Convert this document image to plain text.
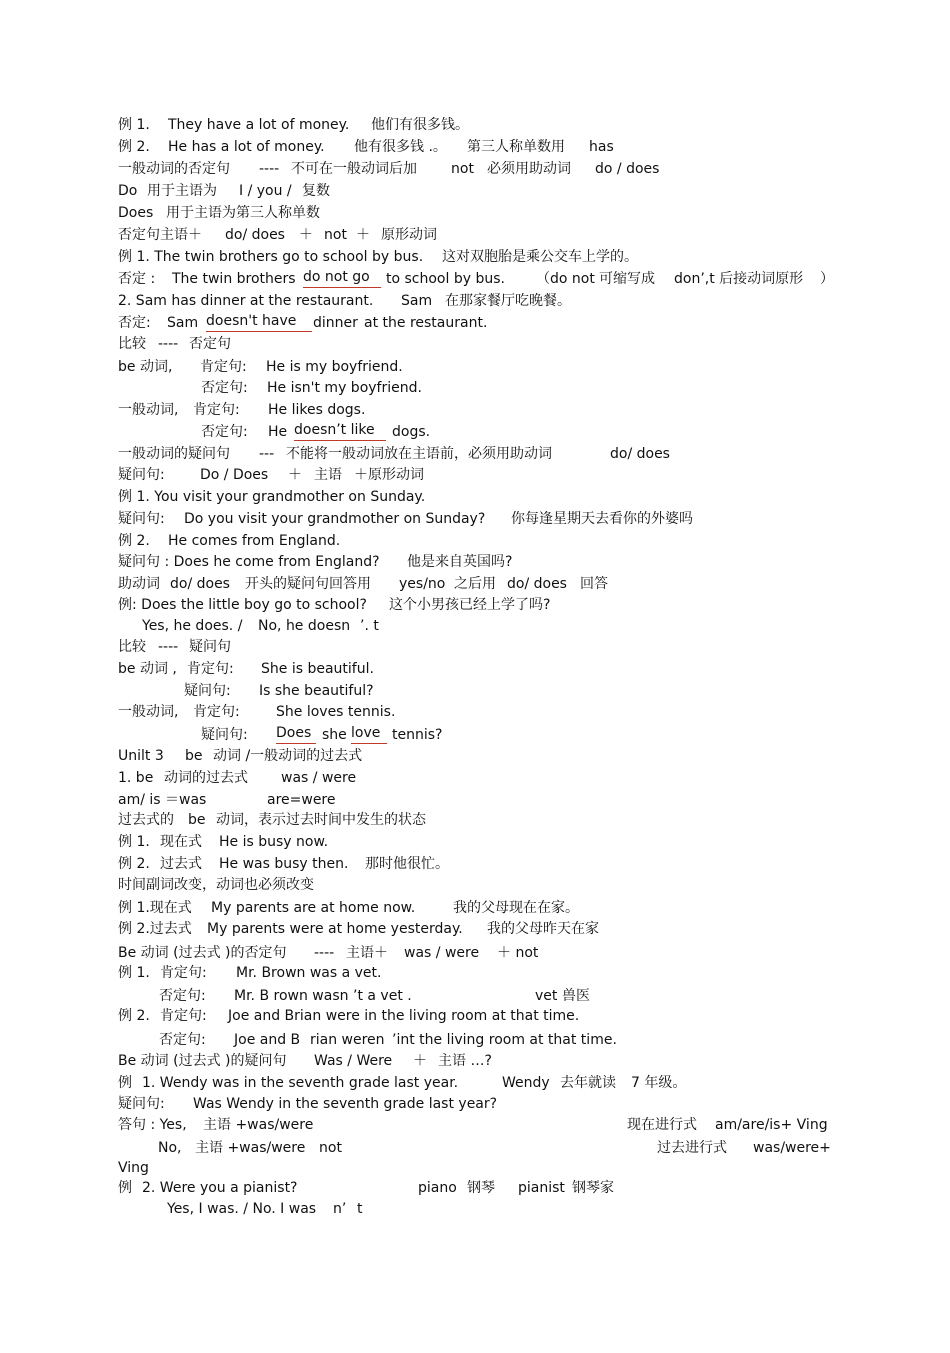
例 1.

They have a lot of money.

他们有很多钱。

例 2.

He has a lot of money.

他有很多钱 .。

第三人称单数用

has

一般动词的否定句

----

不可在一般动词后加

not

必须用助动词

do / does

Do

用于主语为

I / you /

复数

Does

用于主语为第三人称单数

否定句主语＋

do/ does

＋

not

＋

原形动词

例 1. The twin brothers go to school by bus.

这对双胞胎是乘公交车上学的。

否定 :

The twin brothers

do not go

	to school by bus.

（do not

可缩写成

don’,t 后接动词原形

）

2. Sam has dinner at the restaurant.

Sam

在那家餐厅吃晚餐。

否定:

Sam

doesn't have

	dinner

at the restaurant.

比较

----

否定句

be 动词,

肯定句:

He is my boyfriend.

否定句:

He isn't my boyfriend.

一般动词,

肯定句:

He likes dogs.

否定句:

He

doesn’t like

	dogs.

一般动词的疑问句

---

不能将一般动词放在主语前，必须用助动词

	do/ does

疑问句:

	Do / Does

＋

主语

＋原形动词

例 1. You visit your grandmother on Sunday.

疑问句:

Do you visit your grandmother on Sunday?

你每逢星期天去看你的外婆吗

例 2.

He comes from England.

疑问句 : Does he come from England?

他是来自英国吗?

助动词

do/ does

开头的疑问句回答用

yes/no

之后用

do/ does

回答

例: Does the little boy go to school?

这个小男孩已经上学了吗?

Yes, he does. /

No, he doesn

’. t

比较

----

疑问句

be 动词 ,

肯定句:

She is beautiful.

疑问句:

Is she beautiful?

一般动词,

肯定句:

	She loves tennis.

疑问句:

Does

she

love

tennis?

Unilt 3

be

动词 /一般动词的过去式

1. be

动词的过去式

was / were

am/ is ＝was

	are=were

过去式的

be

动词，表示过去时间中发生的状态

例 1.

现在式

He is busy now.

例 2.

过去式

He was busy then.

那时他很忙。

时间副词改变，动词也必须改变

例 1.现在式

My parents are at home now.

	我的父母现在在家。

例 2.过去式

My parents were at home yesterday.

我的父母昨天在家

Be 动词 (过去式 )的否定句

----

主语＋

was / were

＋ not

例 1.

肯定句:

Mr. Brown was a vet.

否定句:

Mr. B rown wasn

’t a vet .

	vet

兽医

例 2.

肯定句:

Joe and Brian were in the living room at that time.

否定句:

Joe and B

rian weren

’int the living room at that time.

Be 动词 (过去式 )的疑问句

Was / Were

＋

主语 …?

例

1. Wendy was in the seventh grade last year.

	Wendy

去年就读

7 年级。

疑问句:

Was Wendy in the seventh grade last year?

答句 : Yes,

主语 +was/were

	现在进行式

am/are/is+ Ving

No,

主语 +was/were

not

	过去进行式

was/were+

Ving

例

2. Were you a pianist?

	piano

钢琴

pianist

钢琴家

Yes, I was. / No. I was

n’

t
